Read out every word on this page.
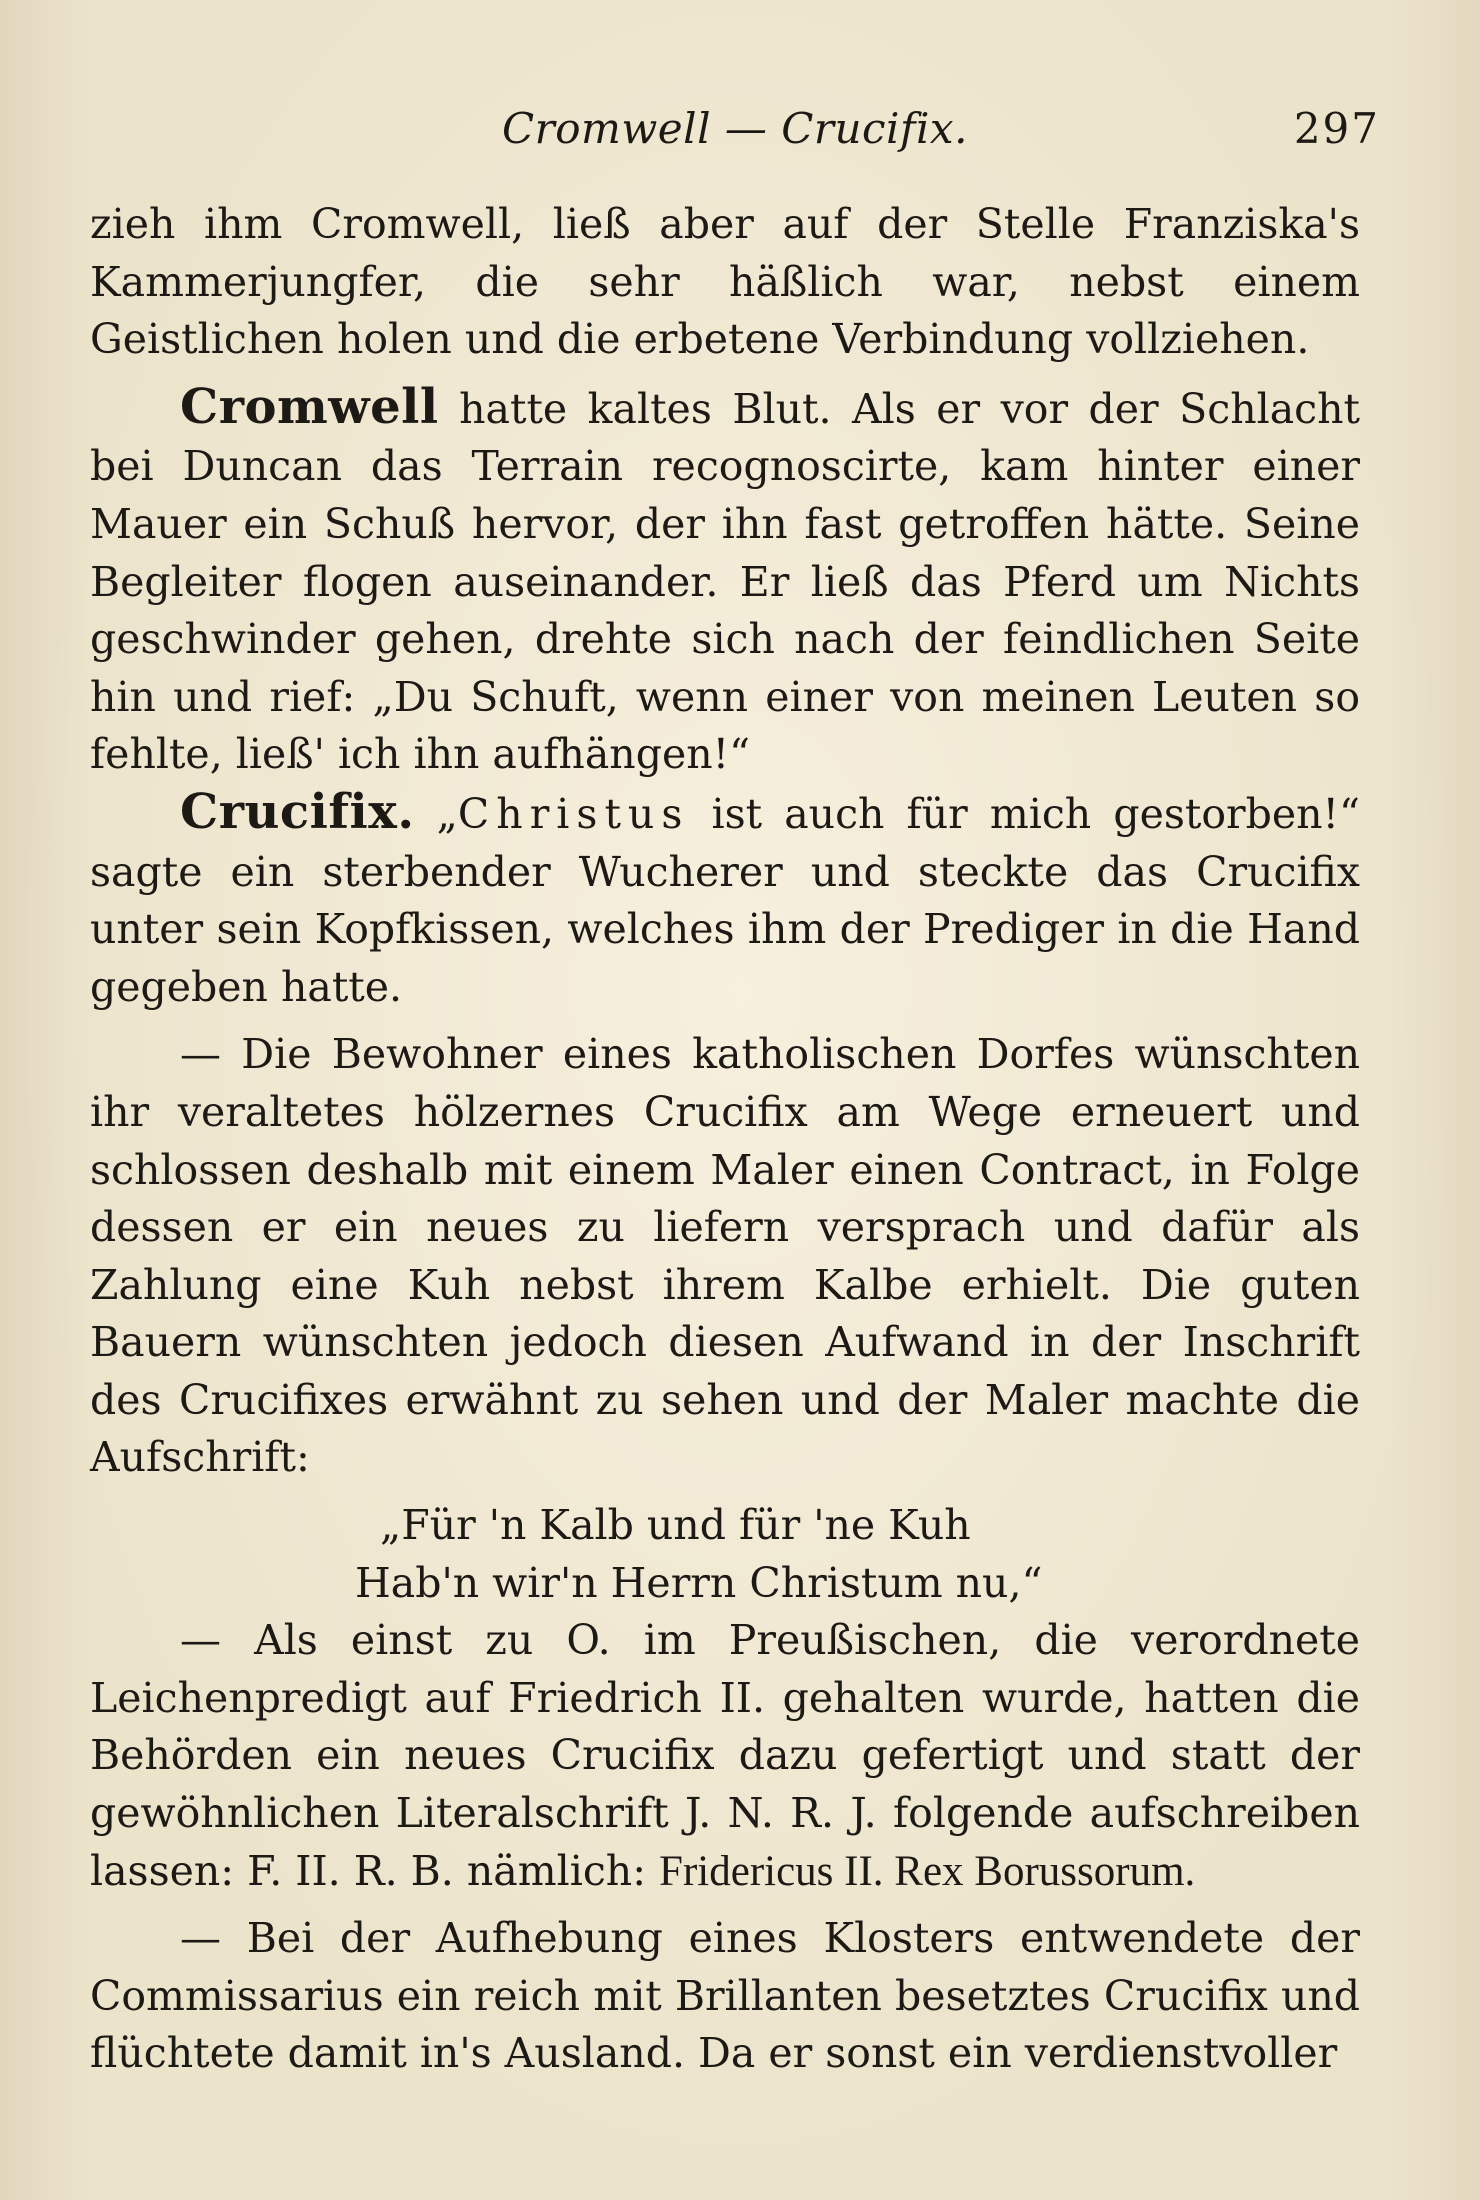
Cromwell — Crucifix.	297

zieh ihm Cromwell, ließ aber auf der Stelle Franziska's Kammerjungfer, die sehr häßlich war, nebst einem Geistlichen holen und die erbetene Verbindung vollziehen.

Cromwell hatte kaltes Blut. Als er vor der Schlacht bei Duncan das Terrain recognoscirte, kam hinter einer Mauer ein Schuß hervor, der ihn fast getroffen hätte. Seine Begleiter flogen auseinander. Er ließ das Pferd um Nichts geschwinder gehen, drehte sich nach der feindlichen Seite hin und rief: „Du Schuft, wenn einer von meinen Leuten so fehlte, ließ' ich ihn aufhängen!“

Crucifix. „Christus ist auch für mich gestorben!“ sagte ein sterbender Wucherer und steckte das Crucifix unter sein Kopfkissen, welches ihm der Prediger in die Hand gegeben hatte.

— Die Bewohner eines katholischen Dorfes wünschten ihr veraltetes hölzernes Crucifix am Wege erneuert und schlossen deshalb mit einem Maler einen Contract, in Folge dessen er ein neues zu liefern versprach und dafür als Zahlung eine Kuh nebst ihrem Kalbe erhielt. Die guten Bauern wünschten jedoch diesen Aufwand in der Inschrift des Crucifixes erwähnt zu sehen und der Maler machte die Aufschrift:

„Für 'n Kalb und für 'ne Kuh

Hab'n wir'n Herrn Christum nu,“

— Als einst zu O. im Preußischen, die verordnete Leichenpredigt auf Friedrich II. gehalten wurde, hatten die Behörden ein neues Crucifix dazu gefertigt und statt der gewöhnlichen Literalschrift J. N. R. J. folgende aufschreiben lassen: F. II. R. B. nämlich: Fridericus II. Rex Borussorum.

— Bei der Aufhebung eines Klosters entwendete der Commissarius ein reich mit Brillanten besetztes Crucifix und flüchtete damit in's Ausland. Da er sonst ein verdienstvoller
